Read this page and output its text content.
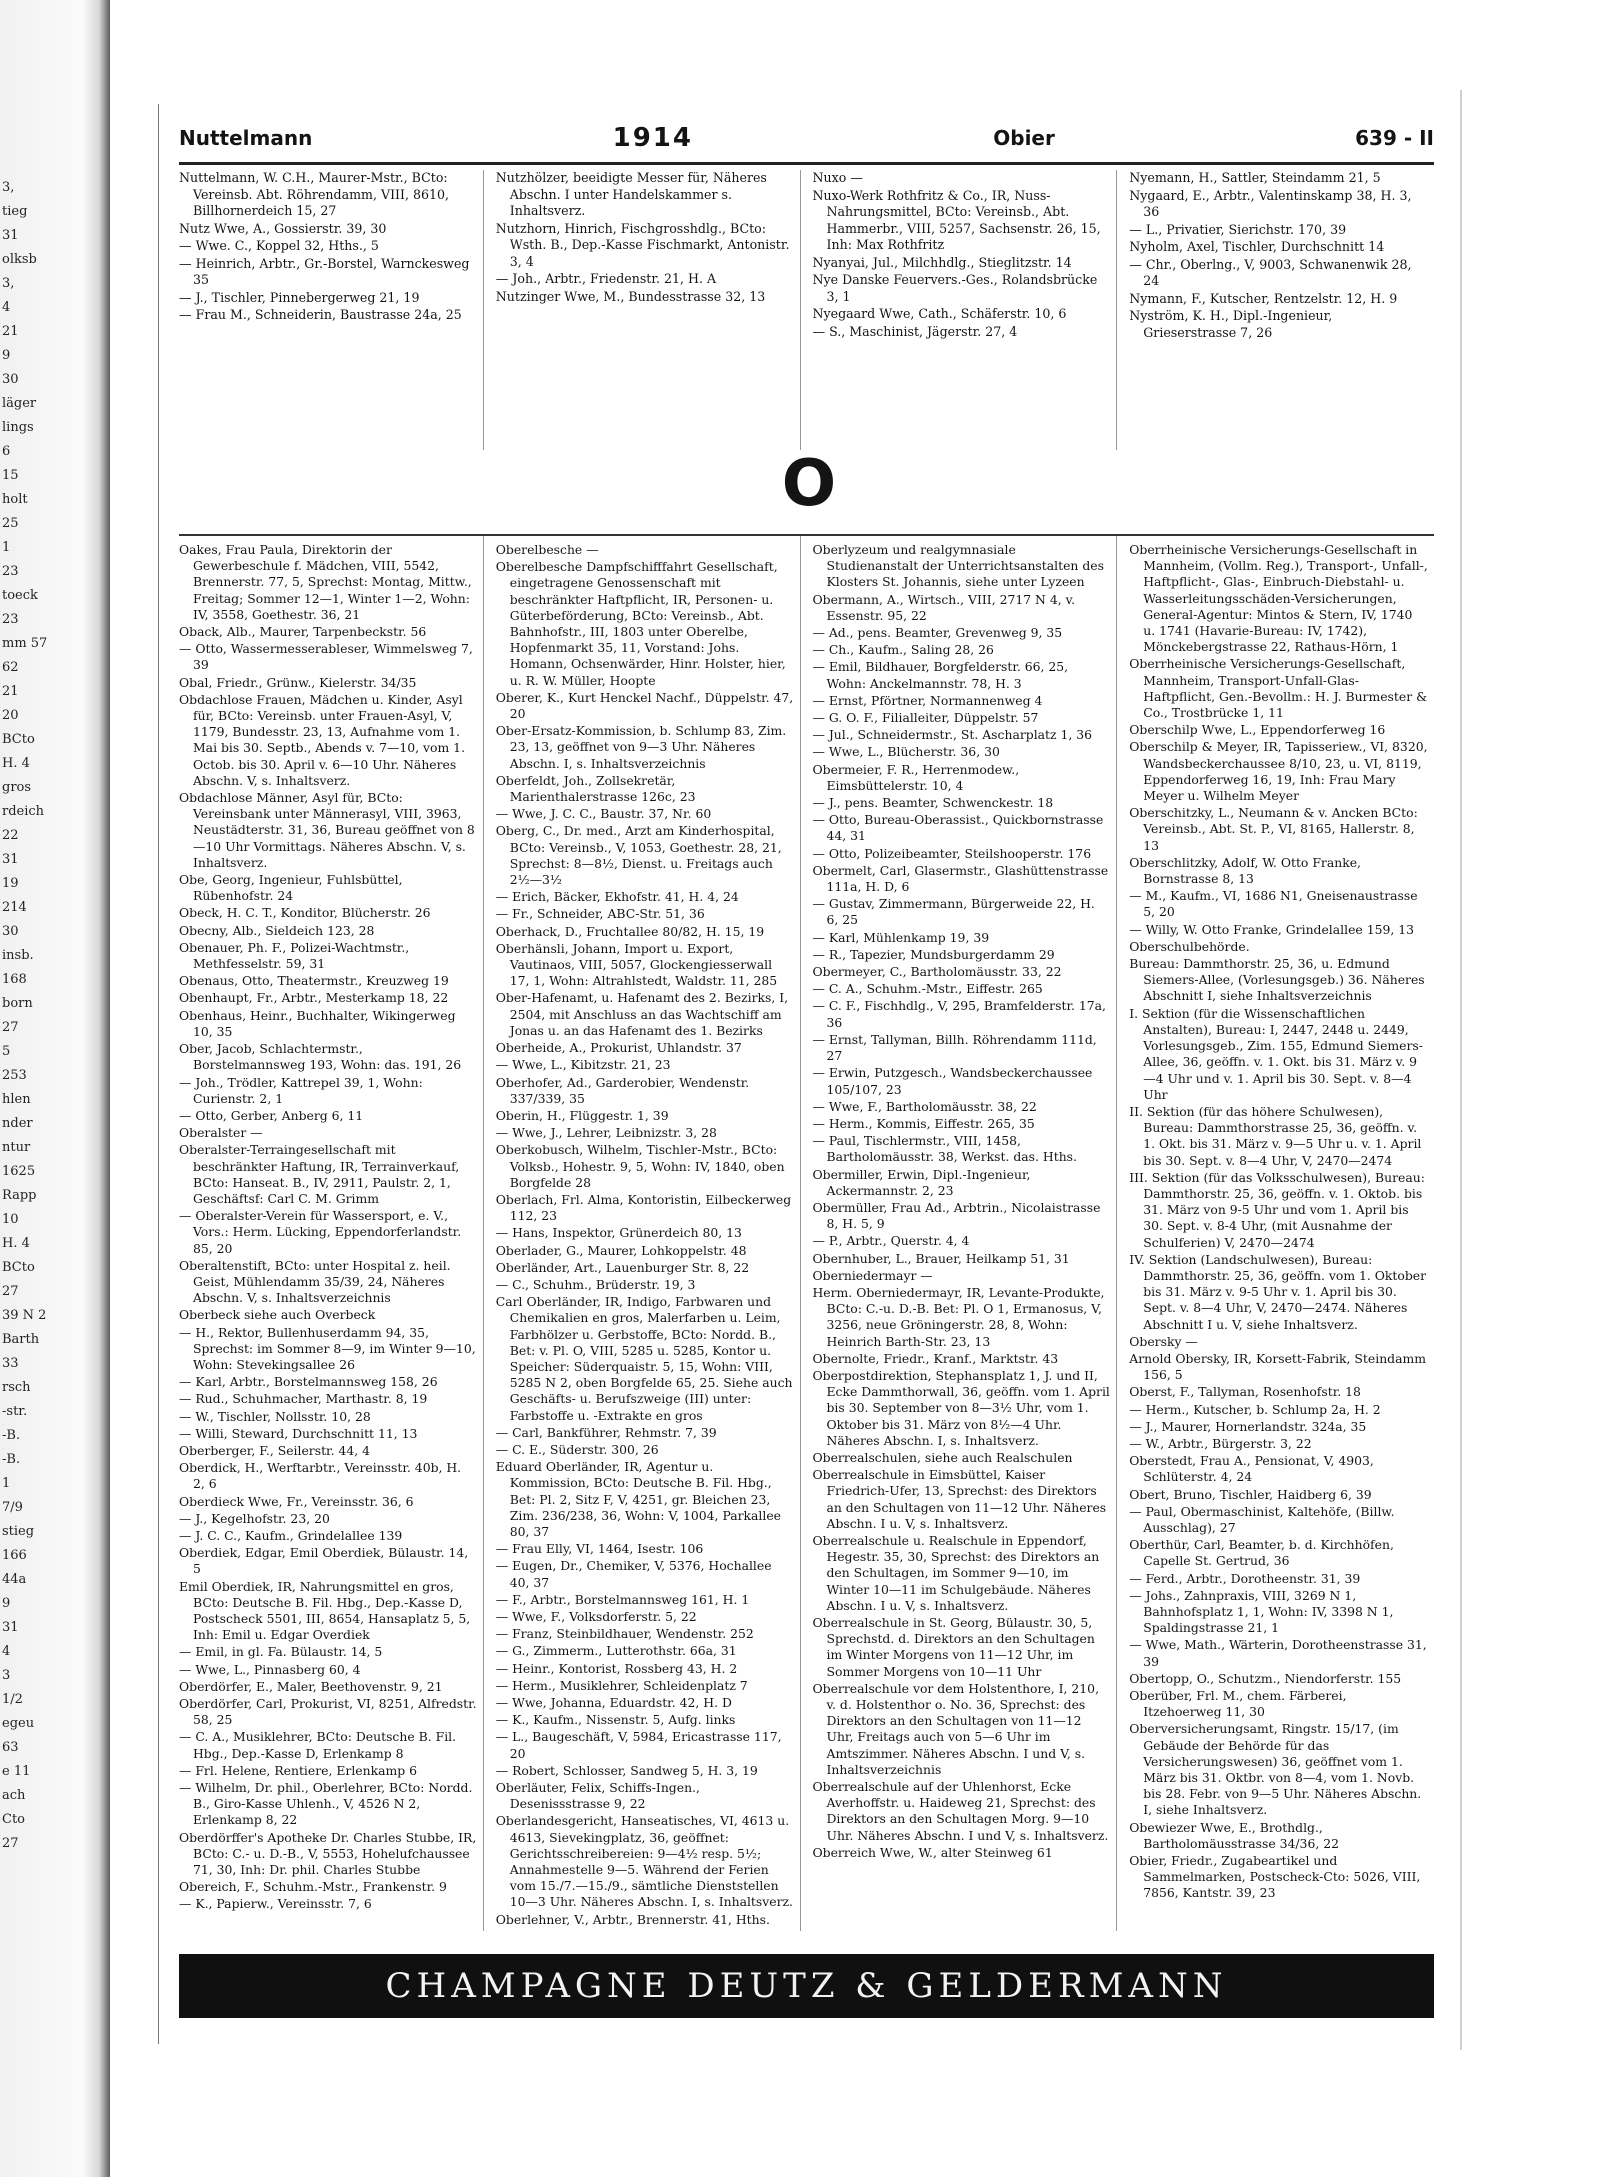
3,
tieg
31
olksb
3,
4
21
9
30
läger
lings
6
15
holt
25
1
23
toeck
23
mm 57
62
21
20
BCto
H. 4
gros
rdeich
22
31
19
214
30
insb.
168
born
27
5
253
hlen
nder
ntur
1625
Rapp
10
H. 4
BCto
27
39 N 2
Barth
33
rsch
-str.
-B.
-B.
1
7/9
stieg
166
44a
9
31
4
3
1/2
egeu
63
e 11
ach
Cto
27
Nuttelmann	1914	Obier	639 - II
Nuttelmann, W. C.H., Maurer-Mstr., BCto: Vereinsb. Abt. Röhrendamm, VIII, 8610, Billhornerdeich 15, 27
Nutz Wwe, A., Gossierstr. 39, 30
— Wwe. C., Koppel 32, Hths., 5
— Heinrich, Arbtr., Gr.-Borstel, Warnckesweg 35
— J., Tischler, Pinnebergerweg 21, 19
— Frau M., Schneiderin, Baustrasse 24a, 25
Nutzhölzer, beeidigte Messer für, Näheres Abschn. I unter Handelskammer s. Inhaltsverz.
Nutzhorn, Hinrich, Fischgrosshdlg., BCto: Wsth. B., Dep.-Kasse Fischmarkt, Antonistr. 3, 4
— Joh., Arbtr., Friedenstr. 21, H. A
Nutzinger Wwe, M., Bundesstrasse 32, 13
Nuxo —
Nuxo-Werk Rothfritz & Co., IR, Nuss-Nahrungsmittel, BCto: Vereinsb., Abt. Hammerbr., VIII, 5257, Sachsenstr. 26, 15, Inh: Max Rothfritz
Nyanyai, Jul., Milchhdlg., Stieglitzstr. 14
Nye Danske Feuervers.-Ges., Rolandsbrücke 3, 1
Nyegaard Wwe, Cath., Schäferstr. 10, 6
— S., Maschinist, Jägerstr. 27, 4
Nyemann, H., Sattler, Steindamm 21, 5
Nygaard, E., Arbtr., Valentinskamp 38, H. 3, 36
— L., Privatier, Sierichstr. 170, 39
Nyholm, Axel, Tischler, Durchschnitt 14
— Chr., Oberlng., V, 9003, Schwanenwik 28, 24
Nymann, F., Kutscher, Rentzelstr. 12, H. 9
Nyström, K. H., Dipl.-Ingenieur, Grieserstrasse 7, 26
O
Oakes, Frau Paula, Direktorin der Gewerbeschule f. Mädchen, VIII, 5542, Brennerstr. 77, 5, Sprechst: Montag, Mittw., Freitag; Sommer 12—1, Winter 1—2, Wohn: IV, 3558, Goethestr. 36, 21
Oback, Alb., Maurer, Tarpenbeckstr. 56
— Otto, Wassermesserableser, Wimmelsweg 7, 39
Obal, Friedr., Grünw., Kielerstr. 34/35
Obdachlose Frauen, Mädchen u. Kinder, Asyl für, BCto: Vereinsb. unter Frauen-Asyl, V, 1179, Bundesstr. 23, 13, Aufnahme vom 1. Mai bis 30. Septb., Abends v. 7—10, vom 1. Octob. bis 30. April v. 6—10 Uhr. Näheres Abschn. V, s. Inhaltsverz.
Obdachlose Männer, Asyl für, BCto: Vereinsbank unter Männerasyl, VIII, 3963, Neustädterstr. 31, 36, Bureau geöffnet von 8—10 Uhr Vormittags. Näheres Abschn. V, s. Inhaltsverz.
Obe, Georg, Ingenieur, Fuhlsbüttel, Rübenhofstr. 24
Obeck, H. C. T., Konditor, Blücherstr. 26
Obecny, Alb., Sieldeich 123, 28
Obenauer, Ph. F., Polizei-Wachtmstr., Methfesselstr. 59, 31
Obenaus, Otto, Theatermstr., Kreuzweg 19
Obenhaupt, Fr., Arbtr., Mesterkamp 18, 22
Obenhaus, Heinr., Buchhalter, Wikingerweg 10, 35
Ober, Jacob, Schlachtermstr., Borstelmannsweg 193, Wohn: das. 191, 26
— Joh., Trödler, Kattrepel 39, 1, Wohn: Curienstr. 2, 1
— Otto, Gerber, Anberg 6, 11
Oberalster —
Oberalster-Terraingesellschaft mit beschränkter Haftung, IR, Terrainverkauf, BCto: Hanseat. B., IV, 2911, Paulstr. 2, 1, Geschäftsf: Carl C. M. Grimm
— Oberalster-Verein für Wassersport, e. V., Vors.: Herm. Lücking, Eppendorferlandstr. 85, 20
Oberaltenstift, BCto: unter Hospital z. heil. Geist, Mühlendamm 35/39, 24, Näheres Abschn. V, s. Inhaltsverzeichnis
Oberbeck siehe auch Overbeck
— H., Rektor, Bullenhuserdamm 94, 35, Sprechst: im Sommer 8—9, im Winter 9—10, Wohn: Stevekingsallee 26
— Karl, Arbtr., Borstelmannsweg 158, 26
— Rud., Schuhmacher, Marthastr. 8, 19
— W., Tischler, Nollsstr. 10, 28
— Willi, Steward, Durchschnitt 11, 13
Oberberger, F., Seilerstr. 44, 4
Oberdick, H., Werftarbtr., Vereinsstr. 40b, H. 2, 6
Oberdieck Wwe, Fr., Vereinsstr. 36, 6
— J., Kegelhofstr. 23, 20
— J. C. C., Kaufm., Grindelallee 139
Oberdiek, Edgar, Emil Oberdiek, Bülaustr. 14, 5
Emil Oberdiek, IR, Nahrungsmittel en gros, BCto: Deutsche B. Fil. Hbg., Dep.-Kasse D, Postscheck 5501, III, 8654, Hansaplatz 5, 5, Inh: Emil u. Edgar Overdiek
— Emil, in gl. Fa. Bülaustr. 14, 5
— Wwe, L., Pinnasberg 60, 4
Oberdörfer, E., Maler, Beethovenstr. 9, 21
Oberdörfer, Carl, Prokurist, VI, 8251, Alfredstr. 58, 25
— C. A., Musiklehrer, BCto: Deutsche B. Fil. Hbg., Dep.-Kasse D, Erlenkamp 8
— Frl. Helene, Rentiere, Erlenkamp 6
— Wilhelm, Dr. phil., Oberlehrer, BCto: Nordd. B., Giro-Kasse Uhlenh., V, 4526 N 2, Erlenkamp 8, 22
Oberdörffer's Apotheke Dr. Charles Stubbe, IR, BCto: C.- u. D.-B., V, 5553, Hohelufchaussee 71, 30, Inh: Dr. phil. Charles Stubbe
Obereich, F., Schuhm.-Mstr., Frankenstr. 9
— K., Papierw., Vereinsstr. 7, 6
Oberelbesche —
Oberelbesche Dampfschifffahrt Gesellschaft, eingetragene Genossenschaft mit beschränkter Haftpflicht, IR, Personen- u. Güterbeförderung, BCto: Vereinsb., Abt. Bahnhofstr., III, 1803 unter Oberelbe, Hopfenmarkt 35, 11, Vorstand: Johs. Homann, Ochsenwärder, Hinr. Holster, hier, u. R. W. Müller, Hoopte
Oberer, K., Kurt Henckel Nachf., Düppelstr. 47, 20
Ober-Ersatz-Kommission, b. Schlump 83, Zim. 23, 13, geöffnet von 9—3 Uhr. Näheres Abschn. I, s. Inhaltsverzeichnis
Oberfeldt, Joh., Zollsekretär, Marienthalerstrasse 126c, 23
— Wwe, J. C. C., Baustr. 37, Nr. 60
Oberg, C., Dr. med., Arzt am Kinderhospital, BCto: Vereinsb., V, 1053, Goethestr. 28, 21, Sprechst: 8—8½, Dienst. u. Freitags auch 2½—3½
— Erich, Bäcker, Ekhofstr. 41, H. 4, 24
— Fr., Schneider, ABC-Str. 51, 36
Oberhack, D., Fruchtallee 80/82, H. 15, 19
Oberhänsli, Johann, Import u. Export, Vautinaos, VIII, 5057, Glockengiesserwall 17, 1, Wohn: Altrahlstedt, Waldstr. 11, 285
Ober-Hafenamt, u. Hafenamt des 2. Bezirks, I, 2504, mit Anschluss an das Wachtschiff am Jonas u. an das Hafenamt des 1. Bezirks
Oberheide, A., Prokurist, Uhlandstr. 37
— Wwe, L., Kibitzstr. 21, 23
Oberhofer, Ad., Garderobier, Wendenstr. 337/339, 35
Oberin, H., Flüggestr. 1, 39
— Wwe, J., Lehrer, Leibnizstr. 3, 28
Oberkobusch, Wilhelm, Tischler-Mstr., BCto: Volksb., Hohestr. 9, 5, Wohn: IV, 1840, oben Borgfelde 28
Oberlach, Frl. Alma, Kontoristin, Eilbeckerweg 112, 23
— Hans, Inspektor, Grünerdeich 80, 13
Oberlader, G., Maurer, Lohkoppelstr. 48
Oberländer, Art., Lauenburger Str. 8, 22
— C., Schuhm., Brüderstr. 19, 3
Carl Oberländer, IR, Indigo, Farbwaren und Chemikalien en gros, Malerfarben u. Leim, Farbhölzer u. Gerbstoffe, BCto: Nordd. B., Bet: v. Pl. O, VIII, 5285 u. 5285, Kontor u. Speicher: Süderquaistr. 5, 15, Wohn: VIII, 5285 N 2, oben Borgfelde 65, 25. Siehe auch Geschäfts- u. Berufszweige (III) unter: Farbstoffe u. -Extrakte en gros
— Carl, Bankführer, Rehmstr. 7, 39
— C. E., Süderstr. 300, 26
Eduard Oberländer, IR, Agentur u. Kommission, BCto: Deutsche B. Fil. Hbg., Bet: Pl. 2, Sitz F, V, 4251, gr. Bleichen 23, Zim. 236/238, 36, Wohn: V, 1004, Parkallee 80, 37
— Frau Elly, VI, 1464, Isestr. 106
— Eugen, Dr., Chemiker, V, 5376, Hochallee 40, 37
— F., Arbtr., Borstelmannsweg 161, H. 1
— Wwe, F., Volksdorferstr. 5, 22
— Franz, Steinbildhauer, Wendenstr. 252
— G., Zimmerm., Lutterothstr. 66a, 31
— Heinr., Kontorist, Rossberg 43, H. 2
— Herm., Musiklehrer, Schleidenplatz 7
— Wwe, Johanna, Eduardstr. 42, H. D
— K., Kaufm., Nissenstr. 5, Aufg. links
— L., Baugeschäft, V, 5984, Ericastrasse 117, 20
— Robert, Schlosser, Sandweg 5, H. 3, 19
Oberläuter, Felix, Schiffs-Ingen., Desenissstrasse 9, 22
Oberlandesgericht, Hanseatisches, VI, 4613 u. 4613, Sievekingplatz, 36, geöffnet: Gerichtsschreibereien: 9—4½ resp. 5½; Annahmestelle 9—5. Während der Ferien vom 15./7.—15./9., sämtliche Dienststellen 10—3 Uhr. Näheres Abschn. I, s. Inhaltsverz.
Oberlehner, V., Arbtr., Brennerstr. 41, Hths.
Oberlyzeum und realgymnasiale Studienanstalt der Unterrichtsanstalten des Klosters St. Johannis, siehe unter Lyzeen
Obermann, A., Wirtsch., VIII, 2717 N 4, v. Essenstr. 95, 22
— Ad., pens. Beamter, Grevenweg 9, 35
— Ch., Kaufm., Saling 28, 26
— Emil, Bildhauer, Borgfelderstr. 66, 25, Wohn: Anckelmannstr. 78, H. 3
— Ernst, Pförtner, Normannenweg 4
— G. O. F., Filialleiter, Düppelstr. 57
— Jul., Schneidermstr., St. Ascharplatz 1, 36
— Wwe, L., Blücherstr. 36, 30
Obermeier, F. R., Herrenmodew., Eimsbüttelerstr. 10, 4
— J., pens. Beamter, Schwenckestr. 18
— Otto, Bureau-Oberassist., Quickbornstrasse 44, 31
— Otto, Polizeibeamter, Steilshooperstr. 176
Obermelt, Carl, Glasermstr., Glashüttenstrasse 111a, H. D, 6
— Gustav, Zimmermann, Bürgerweide 22, H. 6, 25
— Karl, Mühlenkamp 19, 39
— R., Tapezier, Mundsburgerdamm 29
Obermeyer, C., Bartholomäusstr. 33, 22
— C. A., Schuhm.-Mstr., Eiffestr. 265
— C. F., Fischhdlg., V, 295, Bramfelderstr. 17a, 36
— Ernst, Tallyman, Billh. Röhrendamm 111d, 27
— Erwin, Putzgesch., Wandsbeckerchaussee 105/107, 23
— Wwe, F., Bartholomäusstr. 38, 22
— Herm., Kommis, Eiffestr. 265, 35
— Paul, Tischlermstr., VIII, 1458, Bartholomäusstr. 38, Werkst. das. Hths.
Obermiller, Erwin, Dipl.-Ingenieur, Ackermannstr. 2, 23
Obermüller, Frau Ad., Arbtrin., Nicolaistrasse 8, H. 5, 9
— P., Arbtr., Querstr. 4, 4
Obernhuber, L., Brauer, Heilkamp 51, 31
Oberniedermayr —
Herm. Oberniedermayr, IR, Levante-Produkte, BCto: C.-u. D.-B. Bet: Pl. O 1, Ermanosus, V, 3256, neue Gröningerstr. 28, 8, Wohn: Heinrich Barth-Str. 23, 13
Obernolte, Friedr., Kranf., Marktstr. 43
Oberpostdirektion, Stephansplatz 1, J. und II, Ecke Dammthorwall, 36, geöffn. vom 1. April bis 30. September von 8—3½ Uhr, vom 1. Oktober bis 31. März von 8½—4 Uhr. Näheres Abschn. I, s. Inhaltsverz.
Oberrealschulen, siehe auch Realschulen
Oberrealschule in Eimsbüttel, Kaiser Friedrich-Ufer, 13, Sprechst: des Direktors an den Schultagen von 11—12 Uhr. Näheres Abschn. I u. V, s. Inhaltsverz.
Oberrealschule u. Realschule in Eppendorf, Hegestr. 35, 30, Sprechst: des Direktors an den Schultagen, im Sommer 9—10, im Winter 10—11 im Schulgebäude. Näheres Abschn. I u. V, s. Inhaltsverz.
Oberrealschule in St. Georg, Bülaustr. 30, 5, Sprechstd. d. Direktors an den Schultagen im Winter Morgens von 11—12 Uhr, im Sommer Morgens von 10—11 Uhr
Oberrealschule vor dem Holstenthore, I, 210, v. d. Holstenthor o. No. 36, Sprechst: des Direktors an den Schultagen von 11—12 Uhr, Freitags auch von 5—6 Uhr im Amtszimmer. Näheres Abschn. I und V, s. Inhaltsverzeichnis
Oberrealschule auf der Uhlenhorst, Ecke Averhoffstr. u. Haideweg 21, Sprechst: des Direktors an den Schultagen Morg. 9—10 Uhr. Näheres Abschn. I und V, s. Inhaltsverz.
Oberreich Wwe, W., alter Steinweg 61
Oberrheinische Versicherungs-Gesellschaft in Mannheim, (Vollm. Reg.), Transport-, Unfall-, Haftpflicht-, Glas-, Einbruch-Diebstahl- u. Wasserleitungsschäden-Versicherungen, General-Agentur: Mintos & Stern, IV, 1740 u. 1741 (Havarie-Bureau: IV, 1742), Mönckebergstrasse 22, Rathaus-Hörn, 1
Oberrheinische Versicherungs-Gesellschaft, Mannheim, Transport-Unfall-Glas-Haftpflicht, Gen.-Bevollm.: H. J. Burmester & Co., Trostbrücke 1, 11
Oberschilp Wwe, L., Eppendorferweg 16
Oberschilp & Meyer, IR, Tapisseriew., VI, 8320, Wandsbeckerchaussee 8/10, 23, u. VI, 8119, Eppendorferweg 16, 19, Inh: Frau Mary Meyer u. Wilhelm Meyer
Oberschitzky, L., Neumann & v. Ancken BCto: Vereinsb., Abt. St. P., VI, 8165, Hallerstr. 8, 13
Oberschlitzky, Adolf, W. Otto Franke, Bornstrasse 8, 13
— M., Kaufm., VI, 1686 N1, Gneisenaustrasse 5, 20
— Willy, W. Otto Franke, Grindelallee 159, 13
Oberschulbehörde.
Bureau: Dammthorstr. 25, 36, u. Edmund Siemers-Allee, (Vorlesungsgeb.) 36. Näheres Abschnitt I, siehe Inhaltsverzeichnis
I. Sektion (für die Wissenschaftlichen Anstalten), Bureau: I, 2447, 2448 u. 2449, Vorlesungsgeb., Zim. 155, Edmund Siemers-Allee, 36, geöffn. v. 1. Okt. bis 31. März v. 9—4 Uhr und v. 1. April bis 30. Sept. v. 8—4 Uhr
II. Sektion (für das höhere Schulwesen), Bureau: Dammthorstrasse 25, 36, geöffn. v. 1. Okt. bis 31. März v. 9—5 Uhr u. v. 1. April bis 30. Sept. v. 8—4 Uhr, V, 2470—2474
III. Sektion (für das Volksschulwesen), Bureau: Dammthorstr. 25, 36, geöffn. v. 1. Oktob. bis 31. März von 9-5 Uhr und vom 1. April bis 30. Sept. v. 8-4 Uhr, (mit Ausnahme der Schulferien) V, 2470—2474
IV. Sektion (Landschulwesen), Bureau: Dammthorstr. 25, 36, geöffn. vom 1. Oktober bis 31. März v. 9-5 Uhr v. 1. April bis 30. Sept. v. 8—4 Uhr, V, 2470—2474. Näheres Abschnitt I u. V, siehe Inhaltsverz.
Obersky —
Arnold Obersky, IR, Korsett-Fabrik, Steindamm 156, 5
Oberst, F., Tallyman, Rosenhofstr. 18
— Herm., Kutscher, b. Schlump 2a, H. 2
— J., Maurer, Hornerlandstr. 324a, 35
— W., Arbtr., Bürgerstr. 3, 22
Oberstedt, Frau A., Pensionat, V, 4903, Schlüterstr. 4, 24
Obert, Bruno, Tischler, Haidberg 6, 39
— Paul, Obermaschinist, Kaltehöfe, (Billw. Ausschlag), 27
Oberthür, Carl, Beamter, b. d. Kirchhöfen, Capelle St. Gertrud, 36
— Ferd., Arbtr., Dorotheenstr. 31, 39
— Johs., Zahnpraxis, VIII, 3269 N 1, Bahnhofsplatz 1, 1, Wohn: IV, 3398 N 1, Spaldingstrasse 21, 1
— Wwe, Math., Wärterin, Dorotheenstrasse 31, 39
Obertopp, O., Schutzm., Niendorferstr. 155
Oberüber, Frl. M., chem. Färberei, Itzehoerweg 11, 30
Oberversicherungsamt, Ringstr. 15/17, (im Gebäude der Behörde für das Versicherungswesen) 36, geöffnet vom 1. März bis 31. Oktbr. von 8—4, vom 1. Novb. bis 28. Febr. von 9—5 Uhr. Näheres Abschn. I, siehe Inhaltsverz.
Obewiezer Wwe, E., Brothdlg., Bartholomäusstrasse 34/36, 22
Obier, Friedr., Zugabeartikel und Sammelmarken, Postscheck-Cto: 5026, VIII, 7856, Kantstr. 39, 23
CHAMPAGNE DEUTZ & GELDERMANN
